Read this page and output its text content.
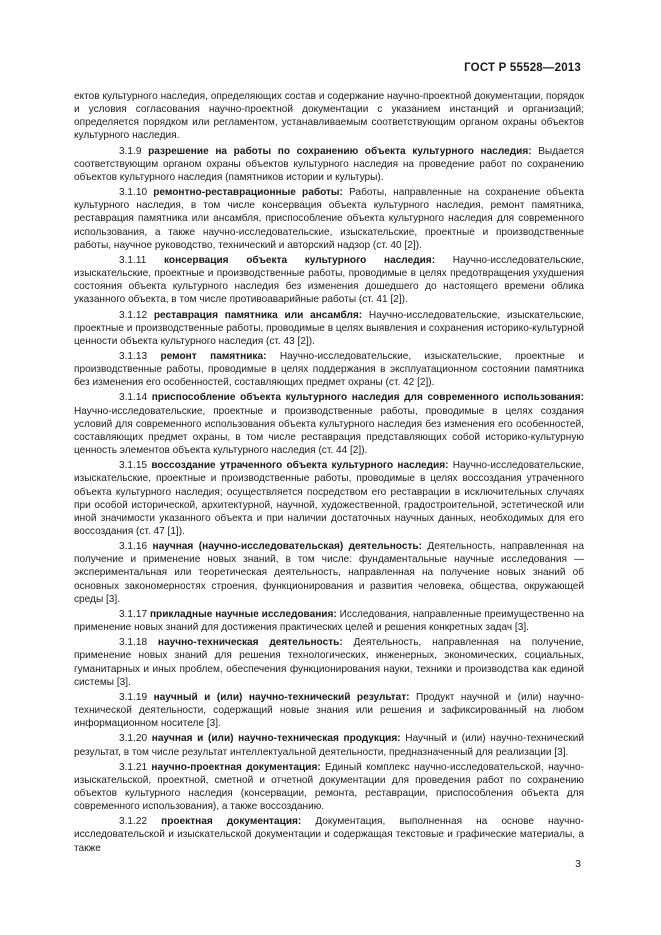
ГОСТ Р 55528—2013

ектов культурного наследия, определяющих состав и содержание научно-проектной документации, порядок и условия согласования научно-проектной документации с указанием инстанций и организаций; определяется порядком или регламентом, устанавливаемым соответствующим органом охраны объектов культурного наследия.

3.1.9 разрешение на работы по сохранению объекта культурного наследия: Выдается соответствующим органом охраны объектов культурного наследия на проведение работ по сохранению объектов культурного наследия (памятников истории и культуры).

3.1.10 ремонтно-реставрационные работы: Работы, направленные на сохранение объекта культурного наследия, в том числе консервация объекта культурного наследия, ремонт памятника, реставрация памятника или ансамбля, приспособление объекта культурного наследия для современного использования, а также научно-исследовательские, изыскательские, проектные и производственные работы, научное руководство, технический и авторский надзор (ст. 40 [2]).

3.1.11 консервация объекта культурного наследия: Научно-исследовательские, изыскательские, проектные и производственные работы, проводимые в целях предотвращения ухудшения состояния объекта культурного наследия без изменения дошедшего до настоящего времени облика указанного объекта, в том числе противоаварийные работы (ст. 41 [2]).

3.1.12 реставрация памятника или ансамбля: Научно-исследовательские, изыскательские, проектные и производственные работы, проводимые в целях выявления и сохранения историко-культурной ценности объекта культурного наследия (ст. 43 [2]).

3.1.13 ремонт памятника: Научно-исследовательские, изыскательские, проектные и производственные работы, проводимые в целях поддержания в эксплуатационном состоянии памятника без изменения его особенностей, составляющих предмет охраны (ст. 42 [2]).

3.1.14 приспособление объекта культурного наследия для современного использования: Научно-исследовательские, проектные и производственные работы, проводимые в целях создания условий для современного использования объекта культурного наследия без изменения его особенностей, составляющих предмет охраны, в том числе реставрация представляющих собой историко-культурную ценность элементов объекта культурного наследия (ст. 44 [2]).

3.1.15 воссоздание утраченного объекта культурного наследия: Научно-исследовательские, изыскательские, проектные и производственные работы, проводимые в целях воссоздания утраченного объекта культурного наследия; осуществляется посредством его реставрации в исключительных случаях при особой исторической, архитектурной, научной, художественной, градостроительной, эстетической или иной значимости указанного объекта и при наличии достаточных научных данных, необходимых для его воссоздания (ст. 47 [1]).

3.1.16 научная (научно-исследовательская) деятельность: Деятельность, направленная на получение и применение новых знаний, в том числе: фундаментальные научные исследования — экспериментальная или теоретическая деятельность, направленная на получение новых знаний об основных закономерностях строения, функционирования и развития человека, общества, окружающей среды [3].

3.1.17 прикладные научные исследования: Исследования, направленные преимущественно на применение новых знаний для достижения практических целей и решения конкретных задач [3].

3.1.18 научно-техническая деятельность: Деятельность, направленная на получение, применение новых знаний для решения технологических, инженерных, экономических, социальных, гуманитарных и иных проблем, обеспечения функционирования науки, техники и производства как единой системы [3].

3.1.19 научный и (или) научно-технический результат: Продукт научной и (или) научно-технической деятельности, содержащий новые знания или решения и зафиксированный на любом информационном носителе [3].

3.1.20 научная и (или) научно-техническая продукция: Научный и (или) научно-технический результат, в том числе результат интеллектуальной деятельности, предназначенный для реализации [3].

3.1.21 научно-проектная документация: Единый комплекс научно-исследовательской, научно-изыскательской, проектной, сметной и отчетной документации для проведения работ по сохранению объектов культурного наследия (консервации, ремонта, реставрации, приспособления объекта для современного использования), а также воссозданию.

3.1.22 проектная документация: Документация, выполненная на основе научно-исследовательской и изыскательской документации и содержащая текстовые и графические материалы, а также

3
